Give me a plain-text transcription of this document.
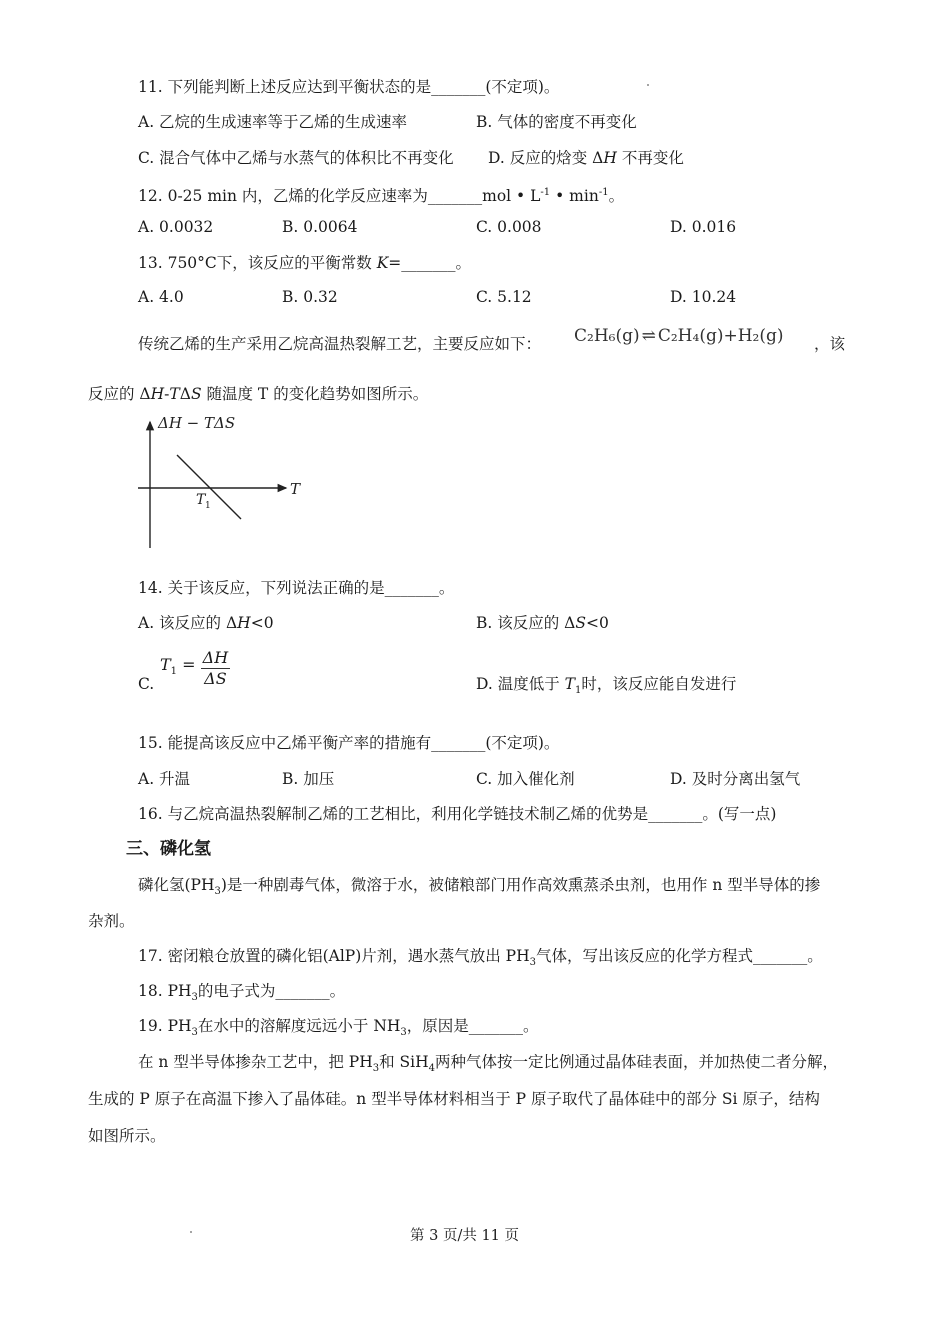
11. 下列能判断上述反应达到平衡状态的是_______(不定项)。
A. 乙烷的生成速率等于乙烯的生成速率	B. 气体的密度不再变化
C. 混合气体中乙烯与水蒸气的体积比不再变化 D. 反应的焓变 ΔH 不再变化
12. 0-25 min 内，乙烯的化学反应速率为_______mol • $L^{-1}$ • $\min^{-1}$。
A. 0.0032	B. 0.0064	C. 0.008	D. 0.016
13. 750°C下，该反应的平衡常数 K=_______。
A. 4.0	B. 0.32	C. 5.12	D. 10.24
传统乙烯的生产采用乙烷高温热裂解工艺，主要反应如下： C₂H₆(g) ⇌ C₂H₄(g)+H₂(g) ，该
反应的 ΔH-TΔS 随温度 T 的变化趋势如图所示。
ΔH − TΔS
T
T 1
14. 关于该反应，下列说法正确的是_______。
A. 该反应的 ΔH<0	B. 该反应的 ΔS<0
C.
$T_1 = \frac{\Delta H}{\Delta S}$	D. 温度低于 $T_1$时，该反应能自发进行
15. 能提高该反应中乙烯平衡产率的措施有_______(不定项)。
A. 升温	B. 加压	C. 加入催化剂	D. 及时分离出氢气
16. 与乙烷高温热裂解制乙烯的工艺相比，利用化学链技术制乙烯的优势是_______。(写一点)
三、磷化氢
磷化氢$(PH_3)$是一种剧毒气体，微溶于水，被储粮部门用作高效熏蒸杀虫剂，也用作 n 型半导体的掺
杂剂。
17. 密闭粮仓放置的磷化铝(AlP)片剂，遇水蒸气放出 $PH_3$气体，写出该反应的化学方程式_______。
18. $PH_3$的电子式为_______。
19. $PH_3$在水中的溶解度远远小于 $NH_3$，原因是_______。
在 n 型半导体掺杂工艺中，把 $PH_3$和 SiH$_4$两种气体按一定比例通过晶体硅表面，并加热使二者分解，
生成的 P 原子在高温下掺入了晶体硅。n 型半导体材料相当于 P 原子取代了晶体硅中的部分 Si 原子，结构
如图所示。
第 3 页/共 11 页
